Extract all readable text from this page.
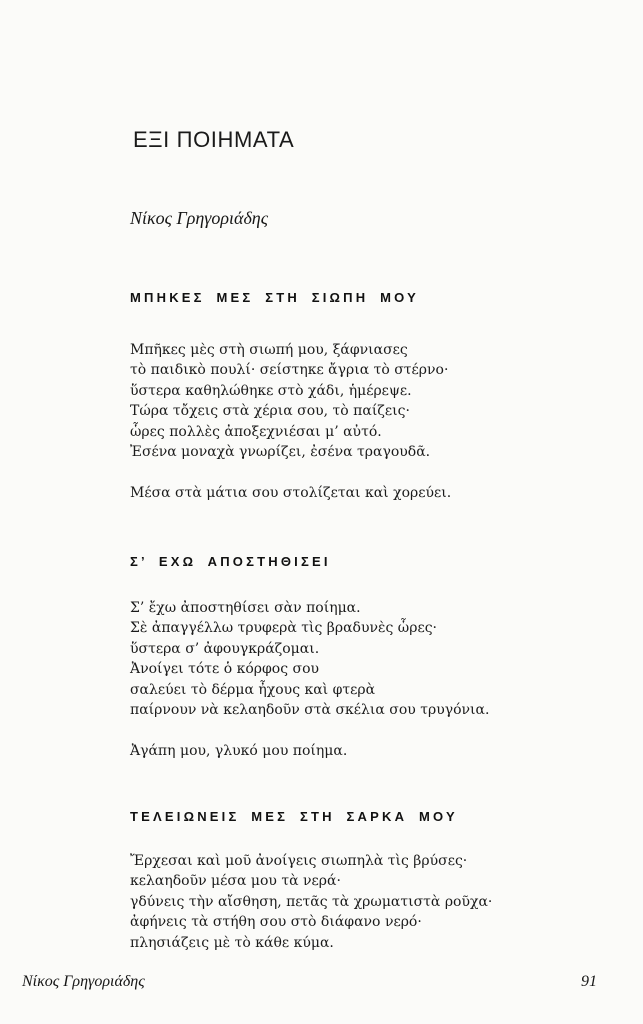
ΕΞΙ ΠΟΙΗΜΑΤΑ
Νίκος Γρηγοριάδης
ΜΠΗΚΕΣ ΜΕΣ ΣΤΗ ΣΙΩΠΗ ΜΟΥ
Μπῆκες μὲς στὴ σιωπή μου, ξάφνιασες
τὸ παιδικὸ πουλί· σείστηκε ἄγρια τὸ στέρνο·
ὕστερα καθηλώθηκε στὸ χάδι, ἡμέρεψε.
Τώρα τὄχεις στὰ χέρια σου, τὸ παίζεις·
ὧρες πολλὲς ἀποξεχνιέσαι μ’ αὐτό.
Ἐσένα μοναχὰ γνωρίζει, ἐσένα τραγουδᾶ.
Μέσα στὰ μάτια σου στολίζεται καὶ χορεύει.
Σ’ ΕΧΩ ΑΠΟΣΤΗΘΙΣΕΙ
Σ’ ἔχω ἀποστηθίσει σὰν ποίημα.
Σὲ ἀπαγγέλλω τρυφερὰ τὶς βραδυνὲς ὧρες·
ὕστερα σ’ ἀφουγκράζομαι.
Ἀνοίγει τότε ὁ κόρφος σου
σαλεύει τὸ δέρμα ἦχους καὶ φτερὰ
παίρνουν νὰ κελαηδοῦν στὰ σκέλια σου τρυγόνια.
Ἀγάπη μου, γλυκό μου ποίημα.
ΤΕΛΕΙΩΝΕΙΣ ΜΕΣ ΣΤΗ ΣΑΡΚΑ ΜΟΥ
Ἔρχεσαι καὶ μοῦ ἀνοίγεις σιωπηλὰ τὶς βρύσες·
κελαηδοῦν μέσα μου τὰ νερά·
γδύνεις τὴν αἴσθηση, πετᾶς τὰ χρωματιστὰ ροῦχα·
ἀφήνεις τὰ στήθη σου στὸ διάφανο νερό·
πλησιάζεις μὲ τὸ κάθε κύμα.
Νίκος Γρηγοριάδης	91
